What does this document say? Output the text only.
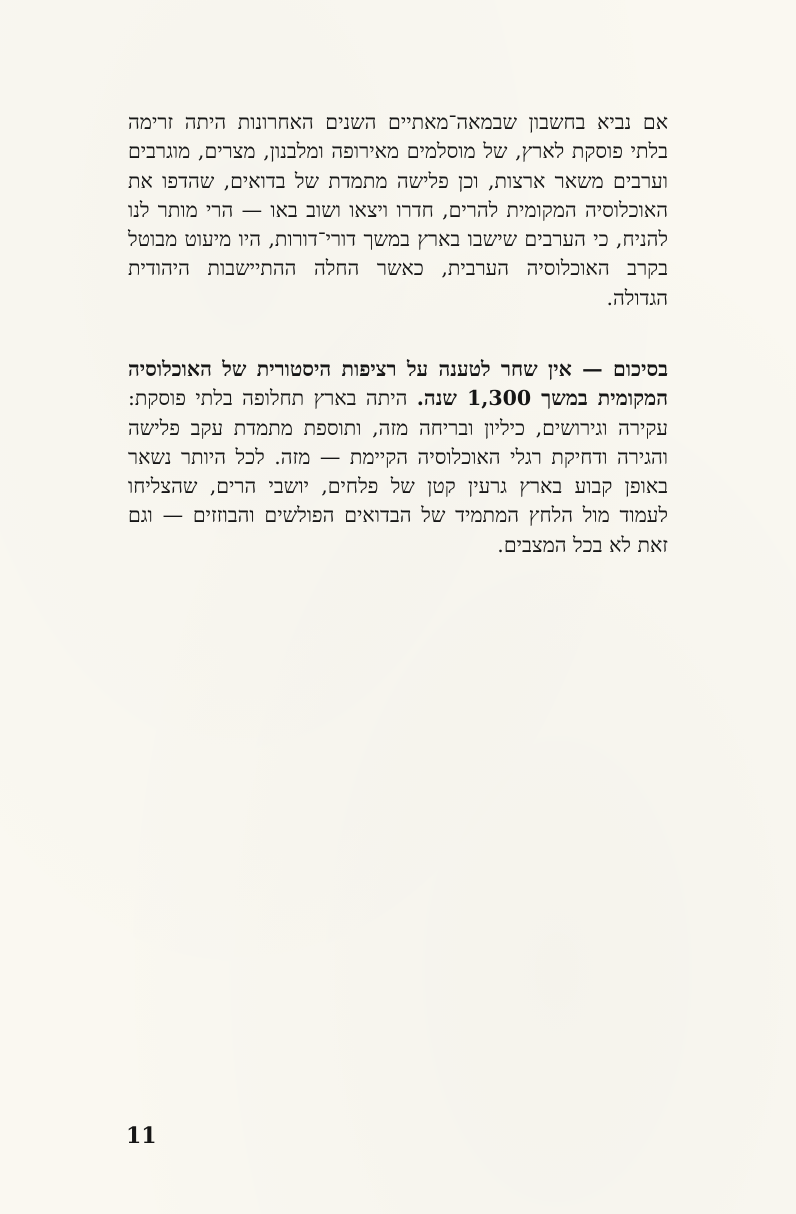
אם נביא בחשבון שבמאה־מאתיים השנים האחרונות היתה זרימה בלתי פוסקת לארץ, של מוסלמים מאירופה ומלבנון, מצרים, מוגרבים וערבים משאר ארצות, וכן פלישה מתמדת של בדואים, שהדפו את האוכלוסיה המקומית להרים, חדרו ויצאו ושוב באו — הרי מותר לנו להניח, כי הערבים שישבו בארץ במשך דורי־דורות, היו מיעוט מבוטל בקרב האוכלוסיה הערבית, כאשר החלה ההתיישבות היהודית הגדולה.

בסיכום — אין שחר לטענה על רציפות היסטורית של האוכלוסיה המקומית במשך 1,300 שנה. היתה בארץ תחלופה בלתי פוסקת: עקירה וגירושים, כיליון ובריחה מזה, ותוספת מתמדת עקב פלישה והגירה ודחיקת רגלי האוכלוסיה הקיימת — מזה. לכל היותר נשאר באופן קבוע בארץ גרעין קטן של פלחים, יושבי הרים, שהצליחו לעמוד מול הלחץ המתמיד של הבדואים הפולשים והבוזזים — וגם זאת לא בכל המצבים.

11
